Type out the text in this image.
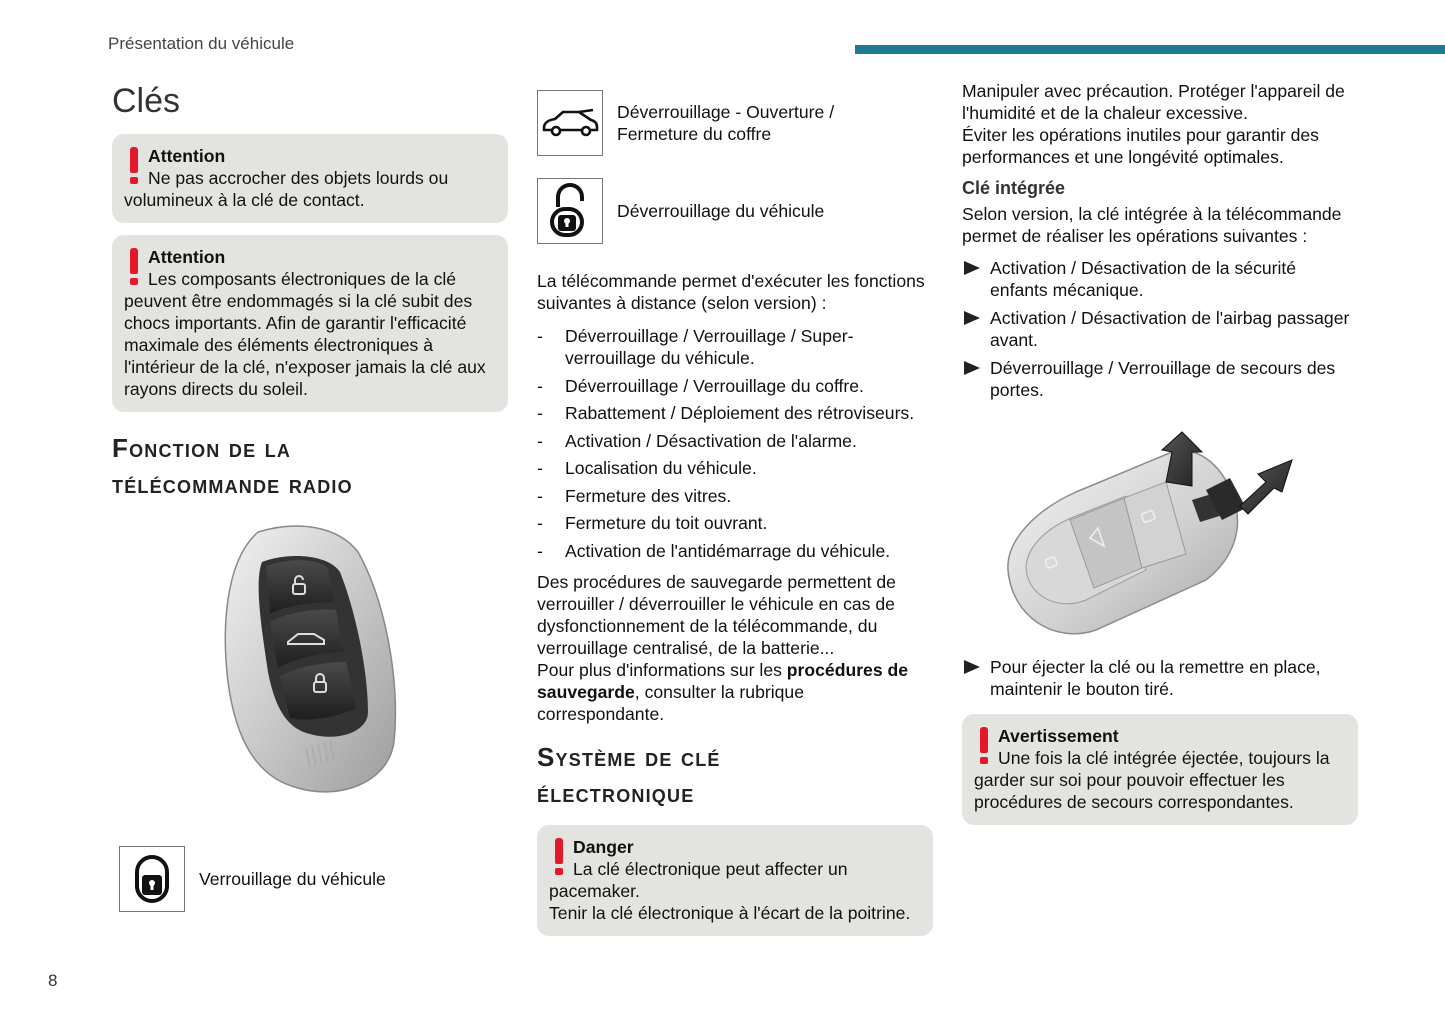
Présentation du véhicule
8
Clés
Attention
Ne pas accrocher des objets lourds ou volumineux à la clé de contact.
Attention
Les composants électroniques de la clé peuvent être endommagés si la clé subit des chocs importants. Afin de garantir l'efficacité maximale des éléments électroniques à l'intérieur de la clé, n'exposer jamais la clé aux rayons directs du soleil.
Fonction de la
télécommande radio
Verrouillage du véhicule
Déverrouillage - Ouverture / Fermeture du coffre
Déverrouillage du véhicule

La télécommande permet d'exécuter les fonctions suivantes à distance (selon version) :

- Déverrouillage / Verrouillage / Super-verrouillage du véhicule.
- Déverrouillage / Verrouillage du coffre.
- Rabattement / Déploiement des rétroviseurs.
- Activation / Désactivation de l'alarme.
- Localisation du véhicule.
- Fermeture des vitres.
- Fermeture du toit ouvrant.
- Activation de l'antidémarrage du véhicule.

Des procédures de sauvegarde permettent de verrouiller / déverrouiller le véhicule en cas de dysfonctionnement de la télécommande, du verrouillage centralisé, de la batterie...

Pour plus d'informations sur les procédures de sauvegarde, consulter la rubrique correspondante.

Système de clé
électronique
Danger
La clé électronique peut affecter un pacemaker.
Tenir la clé électronique à l'écart de la poitrine.

Manipuler avec précaution. Protéger l'appareil de l'humidité et de la chaleur excessive.

Éviter les opérations inutiles pour garantir des performances et une longévité optimales.

Clé intégrée

Selon version, la clé intégrée à la télécommande permet de réaliser les opérations suivantes :

Activation / Désactivation de la sécurité enfants mécanique.
Activation / Désactivation de l'airbag passager avant.
Déverrouillage / Verrouillage de secours des portes.
Pour éjecter la clé ou la remettre en place, maintenir le bouton tiré.
Avertissement
Une fois la clé intégrée éjectée, toujours la garder sur soi pour pouvoir effectuer les procédures de secours correspondantes.
